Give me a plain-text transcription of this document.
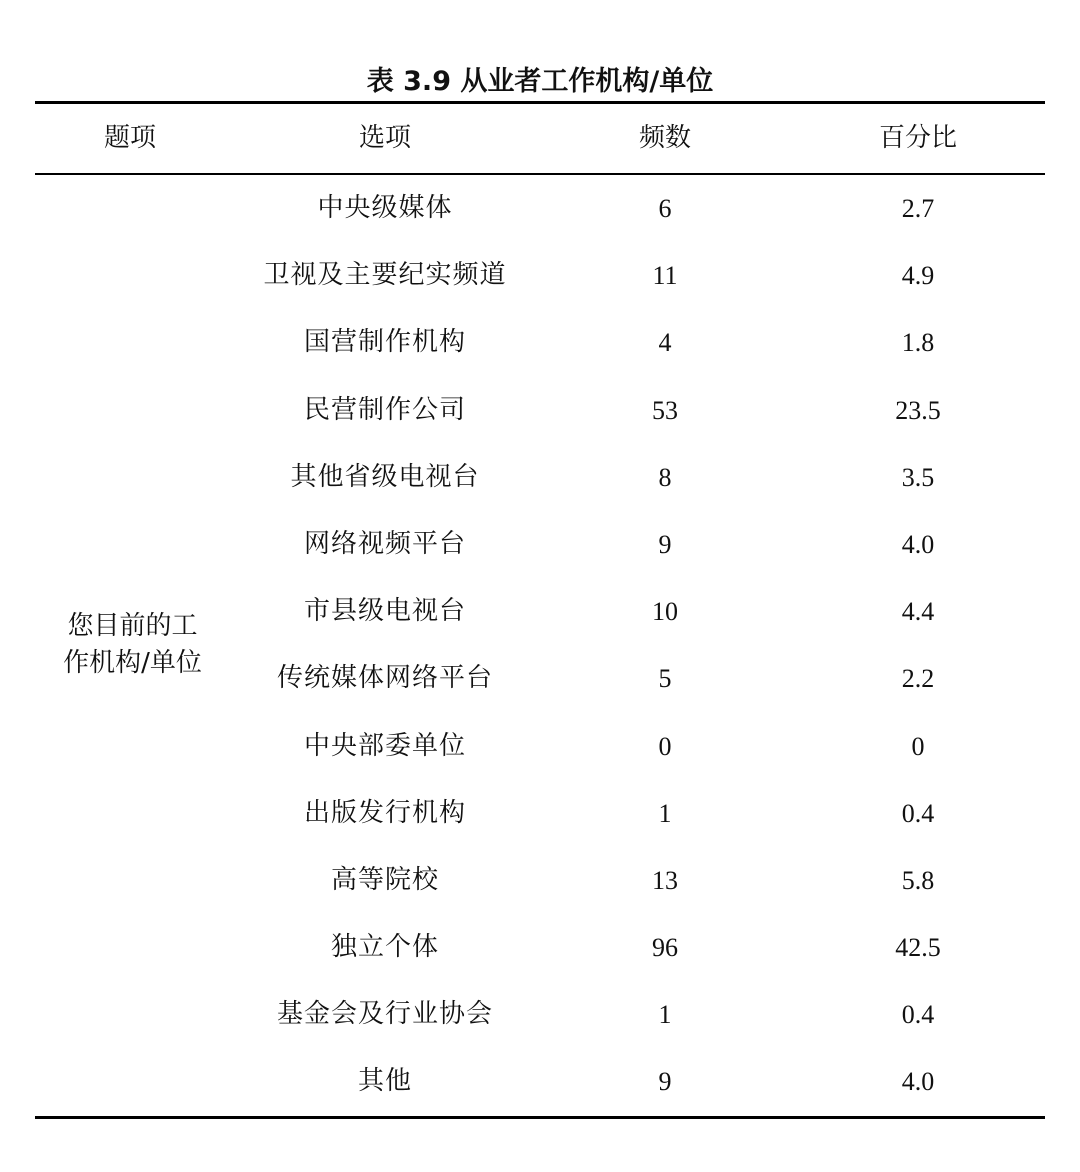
表 3.9 从业者工作机构/单位
题项	选项	频数	百分比
您目前的工
作机构/单位
中央级媒体	6	2.7
卫视及主要纪实频道	11	4.9
国营制作机构	4	1.8
民营制作公司	53	23.5
其他省级电视台	8	3.5
网络视频平台	9	4.0
市县级电视台	10	4.4
传统媒体网络平台	5	2.2
中央部委单位	0	0
出版发行机构	1	0.4
高等院校	13	5.8
独立个体	96	42.5
基金会及行业协会	1	0.4
其他	9	4.0
